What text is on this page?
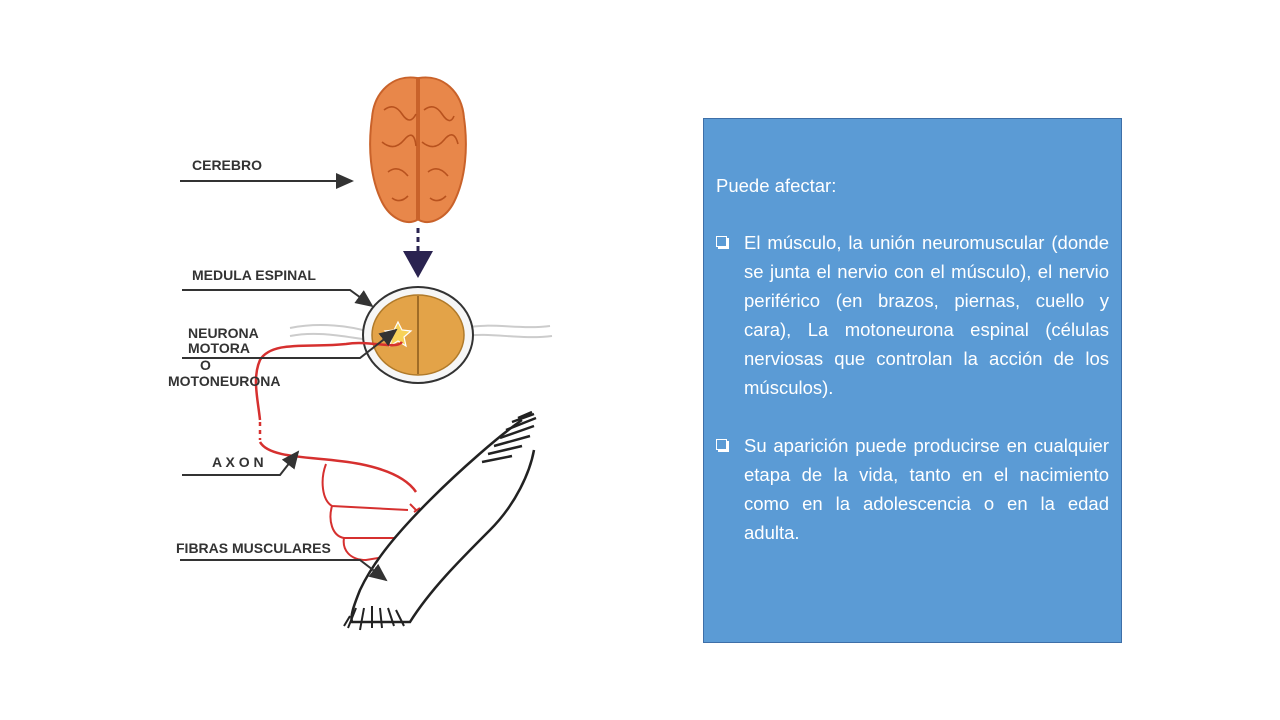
CEREBRO
MEDULA ESPINAL
NEURONA
MOTORA
O
MOTONEURONA
A X O N
FIBRAS MUSCULARES

Puede afectar:

El músculo, la unión neuromuscular (donde se junta el nervio con el músculo), el nervio periférico (en brazos, piernas, cuello y cara), La motoneurona espinal (células nerviosas que controlan la acción de los músculos).
Su aparición puede producirse en cualquier etapa de la vida, tanto en el nacimiento como en la adolescencia o en la edad adulta.
